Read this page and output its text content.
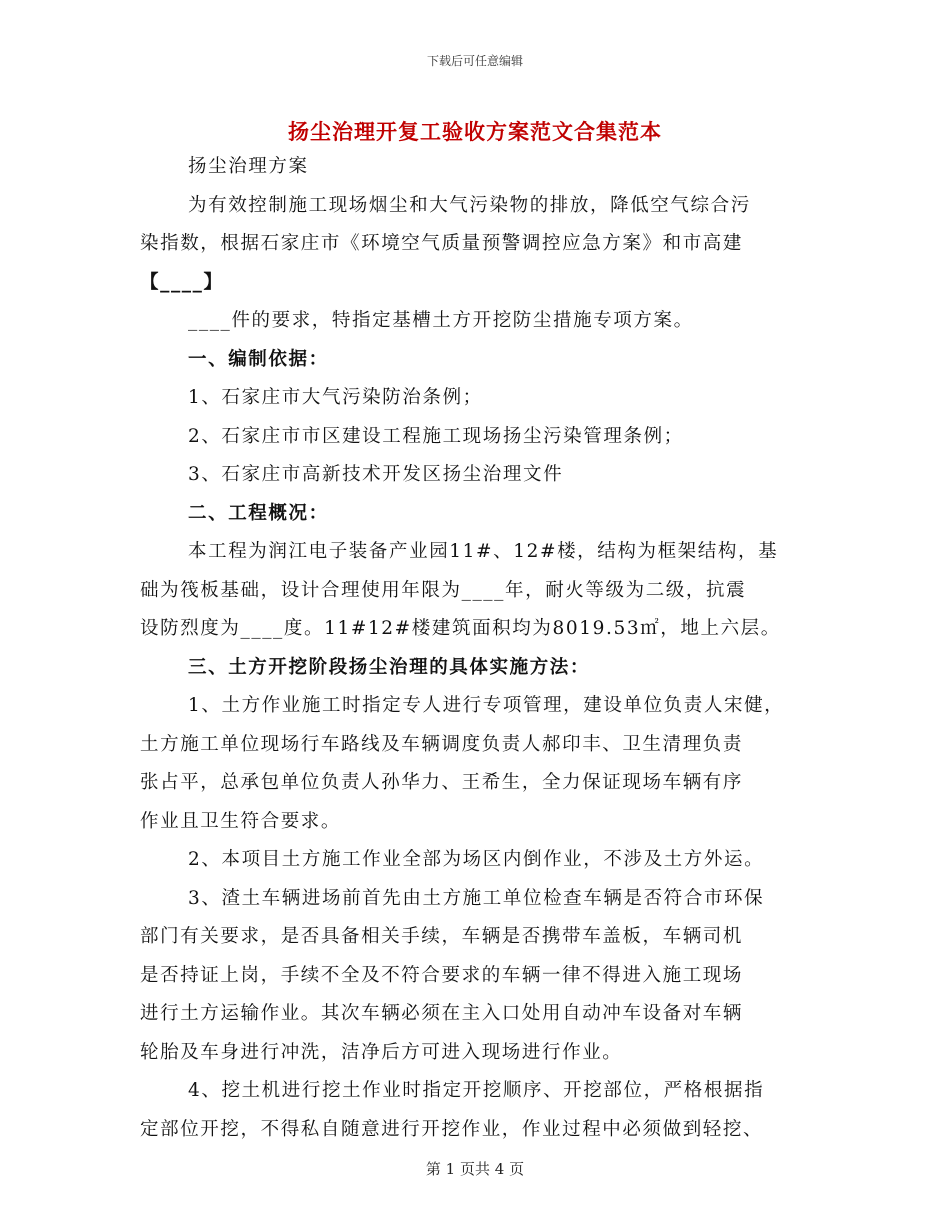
下载后可任意编辑
扬尘治理开复工验收方案范文合集范本
扬尘治理方案
为有效控制施工现场烟尘和大气污染物的排放，降低空气综合污
染指数，根据石家庄市《环境空气质量预警调控应急方案》和市高建
【____】
____件的要求，特指定基槽土方开挖防尘措施专项方案。
一、编制依据：
1、石家庄市大气污染防治条例；
2、石家庄市市区建设工程施工现场扬尘污染管理条例；
3、石家庄市高新技术开发区扬尘治理文件
二、工程概况：
本工程为润江电子装备产业园11#、12#楼，结构为框架结构，基
础为筏板基础，设计合理使用年限为____年，耐火等级为二级，抗震
设防烈度为____度。11#12#楼建筑面积均为8019.53㎡，地上六层。
三、土方开挖阶段扬尘治理的具体实施方法：
1、土方作业施工时指定专人进行专项管理，建设单位负责人宋健，
土方施工单位现场行车路线及车辆调度负责人郝印丰、卫生清理负责
张占平，总承包单位负责人孙华力、王希生，全力保证现场车辆有序
作业且卫生符合要求。
2、本项目土方施工作业全部为场区内倒作业，不涉及土方外运。
3、渣土车辆进场前首先由土方施工单位检查车辆是否符合市环保
部门有关要求，是否具备相关手续，车辆是否携带车盖板，车辆司机
是否持证上岗，手续不全及不符合要求的车辆一律不得进入施工现场
进行土方运输作业。其次车辆必须在主入口处用自动冲车设备对车辆
轮胎及车身进行冲洗，洁净后方可进入现场进行作业。
4、挖土机进行挖土作业时指定开挖顺序、开挖部位，严格根据指
定部位开挖，不得私自随意进行开挖作业，作业过程中必须做到轻挖、
第 1 页共 4 页
